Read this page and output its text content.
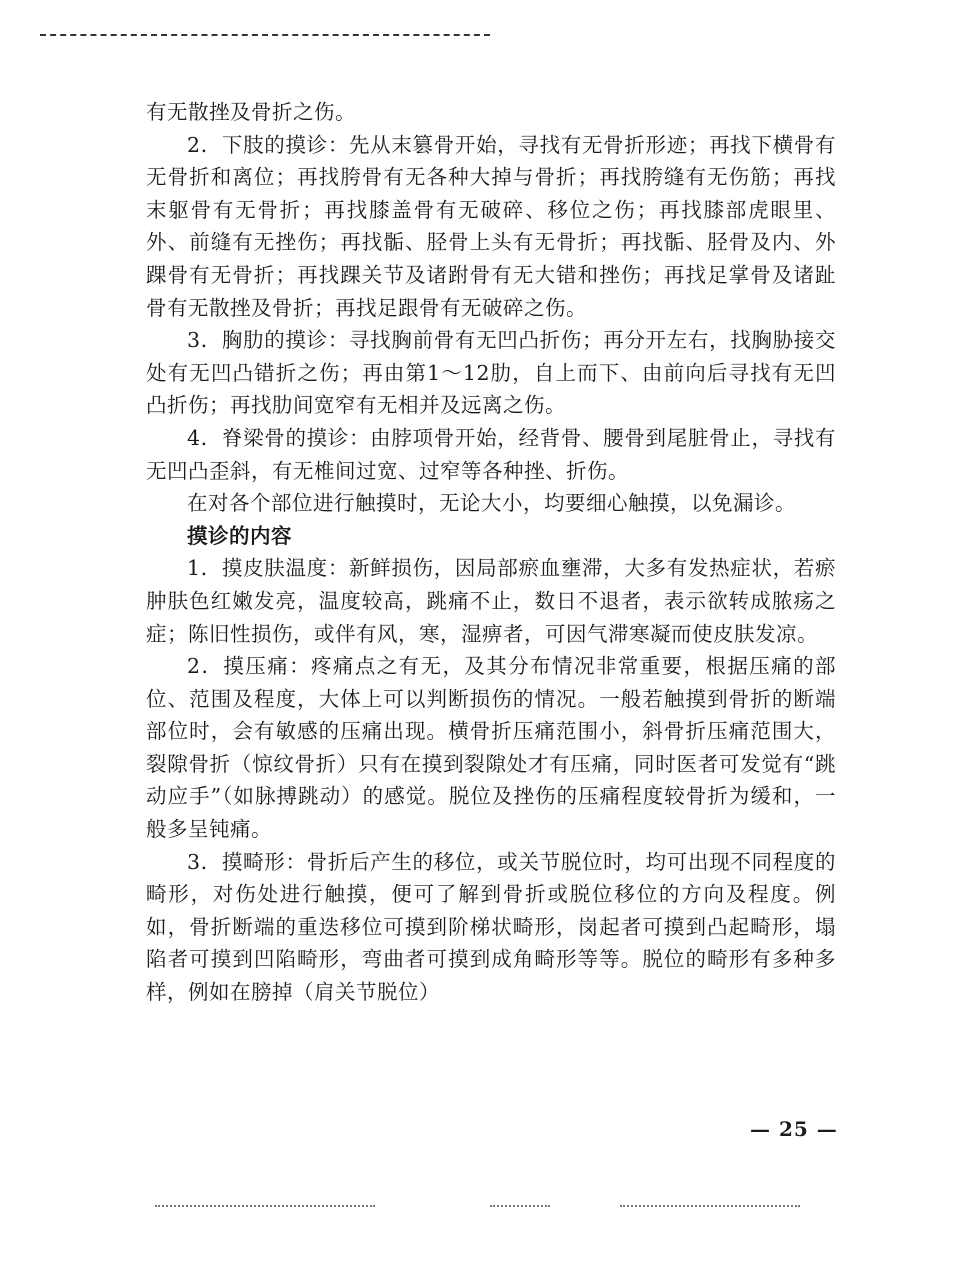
有无散挫及骨折之伤。

2．下肢的摸诊：先从末篡骨开始，寻找有无骨折形迹；再找下横骨有无骨折和离位；再找胯骨有无各种大掉与骨折；再找胯缝有无伤筋；再找末躯骨有无骨折；再找膝盖骨有无破碎、移位之伤；再找膝部虎眼里、外、前缝有无挫伤；再找骺、胫骨上头有无骨折；再找骺、胫骨及内、外踝骨有无骨折；再找踝关节及诸跗骨有无大错和挫伤；再找足掌骨及诸趾骨有无散挫及骨折；再找足跟骨有无破碎之伤。

3．胸肋的摸诊：寻找胸前骨有无凹凸折伤；再分开左右，找胸胁接交处有无凹凸错折之伤；再由第1～12肋，自上而下、由前向后寻找有无凹凸折伤；再找肋间宽窄有无相并及远离之伤。

4．脊梁骨的摸诊：由脖项骨开始，经背骨、腰骨到尾脏骨止，寻找有无凹凸歪斜，有无椎间过宽、过窄等各种挫、折伤。

在对各个部位进行触摸时，无论大小，均要细心触摸，以免漏诊。

摸诊的内容

1．摸皮肤温度：新鲜损伤，因局部瘀血壅滞，大多有发热症状，若瘀肿肤色红嫩发亮，温度较高，跳痛不止，数日不退者，表示欲转成脓疡之症；陈旧性损伤，或伴有风，寒，湿痹者，可因气滞寒凝而使皮肤发凉。

2．摸压痛：疼痛点之有无，及其分布情况非常重要，根据压痛的部位、范围及程度，大体上可以判断损伤的情况。一般若触摸到骨折的断端部位时，会有敏感的压痛出现。横骨折压痛范围小，斜骨折压痛范围大，裂隙骨折（惊纹骨折）只有在摸到裂隙处才有压痛，同时医者可发觉有“跳动应手”（如脉搏跳动）的感觉。脱位及挫伤的压痛程度较骨折为缓和，一般多呈钝痛。

3．摸畸形：骨折后产生的移位，或关节脱位时，均可出现不同程度的畸形，对伤处进行触摸，便可了解到骨折或脱位移位的方向及程度。例如，骨折断端的重迭移位可摸到阶梯状畸形，岗起者可摸到凸起畸形，塌陷者可摸到凹陷畸形，弯曲者可摸到成角畸形等等。脱位的畸形有多种多样，例如在膀掉（肩关节脱位）

— 25 —
